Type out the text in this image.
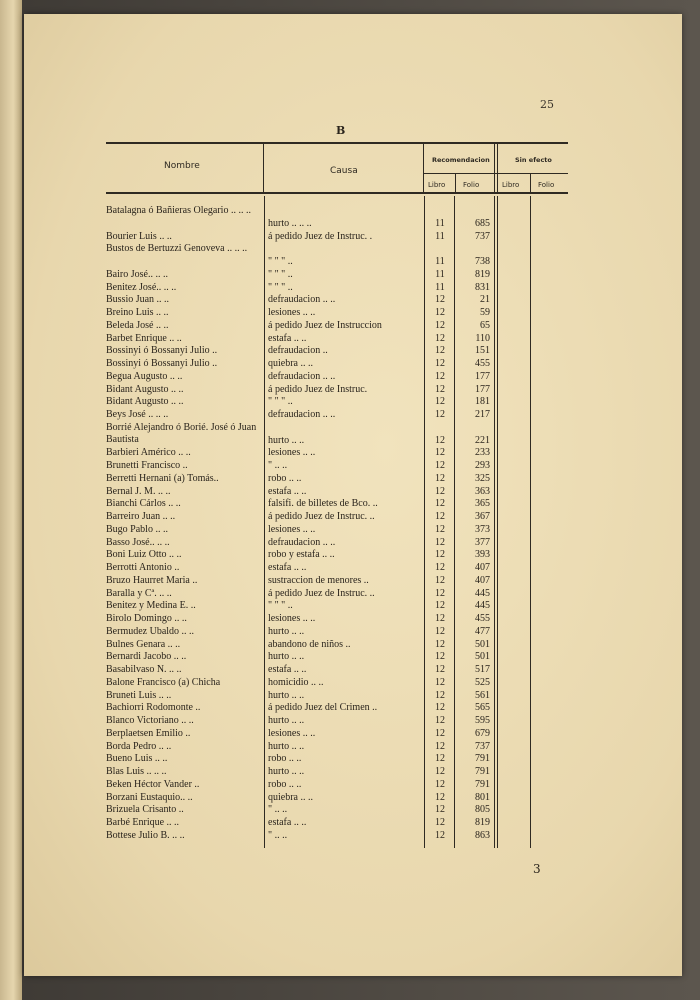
25
B
Nombre	Causa
Recomendacion	Sin efecto
Libro	Folio	Libro	Folio
Batalagna ó Bañieras Olegario .. .. ..
hurto .. .. ..	11	685
Bourier Luis .. ..	á pedido Juez de Instruc. .	11	737
Bustos de Bertuzzi Genoveva .. .. ..
" " " ..	11	738
Bairo José.. .. ..	" " " ..	11	819
Benitez José.. .. ..	" " " ..	11	831
Bussio Juan .. ..	defraudacion .. ..	12	21
Breino Luis .. ..	lesiones .. ..	12	59
Beleda José .. ..	á pedido Juez de Instruccion	12	65
Barbet Enrique .. ..	estafa .. ..	12	110
Bossinyi ó Bossanyi Julio ..	defraudacion ..	12	151
Bossinyi ó Bossanyi Julio ..	quiebra .. ..	12	455
Begua Augusto .. ..	defraudacion .. ..	12	177
Bidant Augusto .. ..	á pedido Juez de Instruc.	12	177
Bidant Augusto .. ..	" " " ..	12	181
Beys José .. .. ..	defraudacion .. ..	12	217
Borrié Alejandro ó Borié. José ó Juan Bautista	hurto .. ..	12	221
Barbieri Américo .. ..	lesiones .. ..	12	233
Brunetti Francisco ..	" .. ..	12	293
Berretti Hernani (a) Tomás..	robo .. ..	12	325
Bernal J. M. .. ..	estafa .. ..	12	363
Bianchi Cárlos .. ..	falsifi. de billetes de Bco. ..	12	365
Barreiro Juan .. ..	á pedido Juez de Instruc. ..	12	367
Bugo Pablo .. ..	lesiones .. ..	12	373
Basso José.. .. ..	defraudacion .. ..	12	377
Boni Luiz Otto .. ..	robo y estafa .. ..	12	393
Berrotti Antonio ..	estafa .. ..	12	407
Bruzo Haurret Maria ..	sustraccion de menores ..	12	407
Baralla y Cª. .. ..	á pedido Juez de Instruc. ..	12	445
Benitez y Medina E. ..	" " " ..	12	445
Birolo Domingo .. ..	lesiones .. ..	12	455
Bermudez Ubaldo .. ..	hurto .. ..	12	477
Bulnes Genara .. ..	abandono de niños ..	12	501
Bernardi Jacobo .. ..	hurto .. ..	12	501
Basabilvaso N. .. ..	estafa .. ..	12	517
Balone Francisco (a) Chicha	homicidio .. ..	12	525
Bruneti Luis .. ..	hurto .. ..	12	561
Bachiorri Rodomonte ..	á pedido Juez del Crimen ..	12	565
Blanco Victoriano .. ..	hurto .. ..	12	595
Berplaetsen Emilio ..	lesiones .. ..	12	679
Borda Pedro .. ..	hurto .. ..	12	737
Bueno Luis .. ..	robo .. ..	12	791
Blas Luis .. .. ..	hurto .. ..	12	791
Beken Héctor Vander ..	robo .. ..	12	791
Borzani Eustaquio.. ..	quiebra .. ..	12	801
Brizuela Crisanto ..	" .. ..	12	805
Barbé Enrique .. ..	estafa .. ..	12	819
Bottese Julio B. .. ..	" .. ..	12	863
3
